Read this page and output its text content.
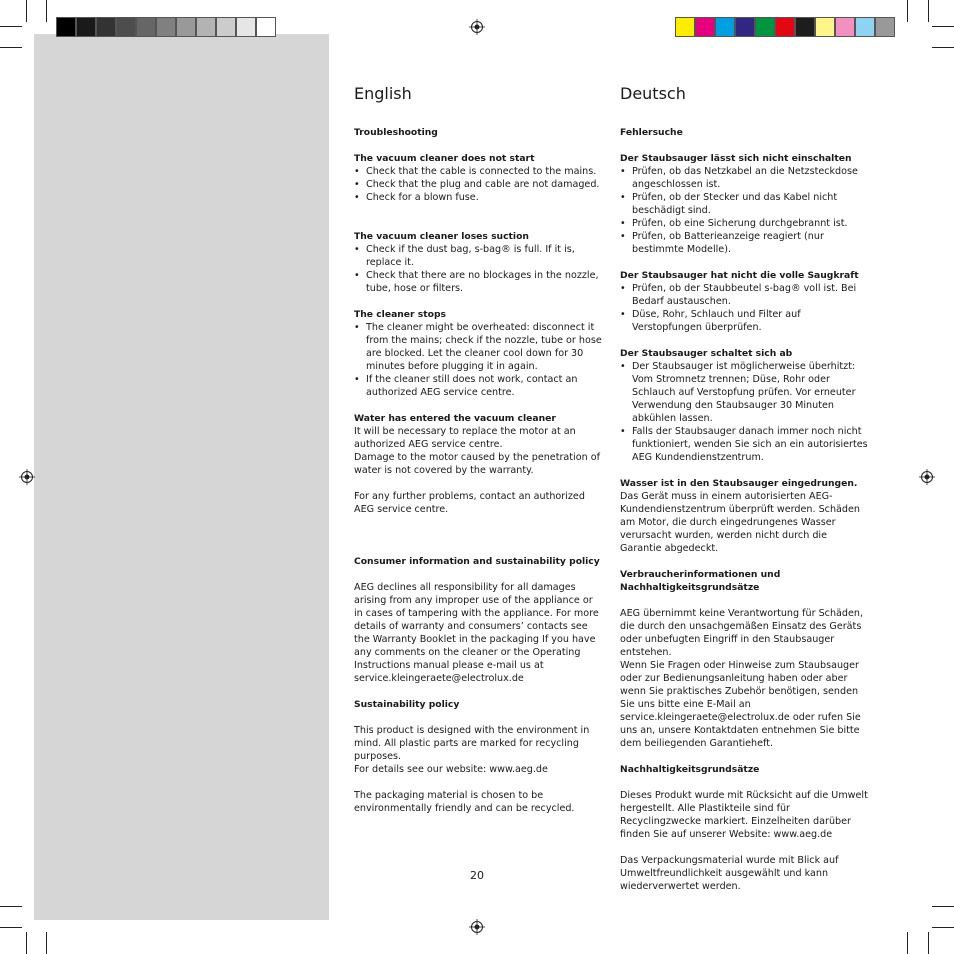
English
Troubleshooting
The vacuum cleaner does not start
• Check that the cable is connected to the mains.
• Check that the plug and cable are not damaged.
• Check for a blown fuse.
The vacuum cleaner loses suction
• Check if the dust bag, s-bag® is full. If it is, replace it.
• Check that there are no blockages in the nozzle, tube, hose or filters.
The cleaner stops
• The cleaner might be overheated: disconnect it from the mains; check if the nozzle, tube or hose are blocked. Let the cleaner cool down for 30 minutes before plugging it in again.
• If the cleaner still does not work, contact an authorized AEG service centre.
Water has entered the vacuum cleaner

It will be necessary to replace the motor at an authorized AEG service centre.

Damage to the motor caused by the penetration of water is not covered by the warranty.

For any further problems, contact an authorized AEG service centre.

Consumer information and sustainability policy

AEG declines all responsibility for all damages arising from any improper use of the appliance or in cases of tampering with the appliance. For more details of warranty and consumers’ contacts see the Warranty Booklet in the packaging If you have any comments on the cleaner or the Operating Instructions manual please e-mail us at service.kleingeraete@electrolux.de

Sustainability policy

This product is designed with the environment in mind. All plastic parts are marked for recycling purposes.

For details see our website: www.aeg.de

The packaging material is chosen to be environmentally friendly and can be recycled.

Deutsch
Fehlersuche
Der Staubsauger lässt sich nicht einschalten
• Prüfen, ob das Netzkabel an die Netzsteckdose angeschlossen ist.
• Prüfen, ob der Stecker und das Kabel nicht beschädigt sind.
• Prüfen, ob eine Sicherung durchgebrannt ist.
• Prüfen, ob Batterieanzeige reagiert (nur bestimmte Modelle).
Der Staubsauger hat nicht die volle Saugkraft
• Prüfen, ob der Staubbeutel s-bag® voll ist. Bei Bedarf austauschen.
• Düse, Rohr, Schlauch und Filter auf Verstopfungen überprüfen.
Der Staubsauger schaltet sich ab
• Der Staubsauger ist möglicherweise überhitzt: Vom Stromnetz trennen; Düse, Rohr oder Schlauch auf Verstopfung prüfen. Vor erneuter Verwendung den Staubsauger 30 Minuten abkühlen lassen.
• Falls der Staubsauger danach immer noch nicht funktioniert, wenden Sie sich an ein autorisiertes AEG Kundendienstzentrum.
Wasser ist in den Staubsauger eingedrungen.

Das Gerät muss in einem autorisierten AEG-Kundendienstzentrum überprüft werden. Schäden am Motor, die durch eingedrungenes Wasser verursacht wurden, werden nicht durch die Garantie abgedeckt.

Verbraucherinformationen und Nachhaltigkeitsgrundsätze

AEG übernimmt keine Verantwortung für Schäden, die durch den unsachgemäßen Einsatz des Geräts oder unbefugten Eingriff in den Staubsauger entstehen.

Wenn Sie Fragen oder Hinweise zum Staubsauger oder zur Bedienungsanleitung haben oder aber wenn Sie praktisches Zubehör benötigen, senden Sie uns bitte eine E-Mail an service.kleingeraete@electrolux.de oder rufen Sie uns an, unsere Kontaktdaten entnehmen Sie bitte dem beiliegenden Garantieheft.

Nachhaltigkeitsgrundsätze

Dieses Produkt wurde mit Rücksicht auf die Umwelt hergestellt. Alle Plastikteile sind für Recyclingzwecke markiert. Einzelheiten darüber finden Sie auf unserer Website: www.aeg.de

Das Verpackungsmaterial wurde mit Blick auf Umweltfreundlichkeit ausgewählt und kann wiederverwertet werden.

20
